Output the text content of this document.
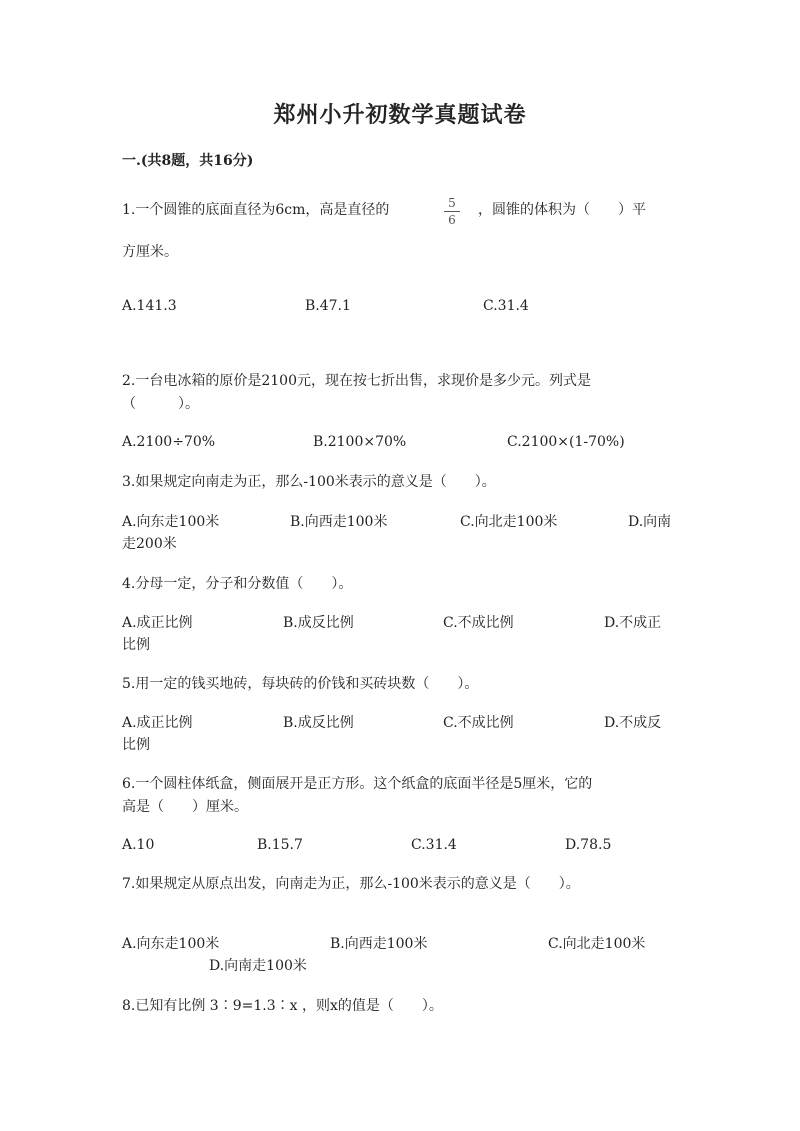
郑州小升初数学真题试卷
一.(共8题，共16分)
1.一个圆锥的底面直径为6cm，高是直径的	5
6
，圆锥的体积为（　　）平
方厘米。
A.141.3	B.47.1	C.31.4
2.一台电冰箱的原价是2100元，现在按七折出售，求现价是多少元。列式是
（　　　）。
A.2100÷70%	B.2100×70%	C.2100×(1-70%)
3.如果规定向南走为正，那么-100米表示的意义是（　　）。
A.向东走100米	B.向西走100米	C.向北走100米	D.向南
走200米
4.分母一定，分子和分数值（　　）。
A.成正比例	B.成反比例	C.不成比例	D.不成正
比例
5.用一定的钱买地砖，每块砖的价钱和买砖块数（　　）。
A.成正比例	B.成反比例	C.不成比例	D.不成反
比例
6.一个圆柱体纸盒，侧面展开是正方形。这个纸盒的底面半径是5厘米，它的
高是（　　）厘米。
A.10	B.15.7	C.31.4	D.78.5
7.如果规定从原点出发，向南走为正，那么-100米表示的意义是（　　）。
A.向东走100米	B.向西走100米	C.向北走100米
D.向南走100米
8.已知有比例 3∶9=1.3∶x ，则x的值是（　　）。
